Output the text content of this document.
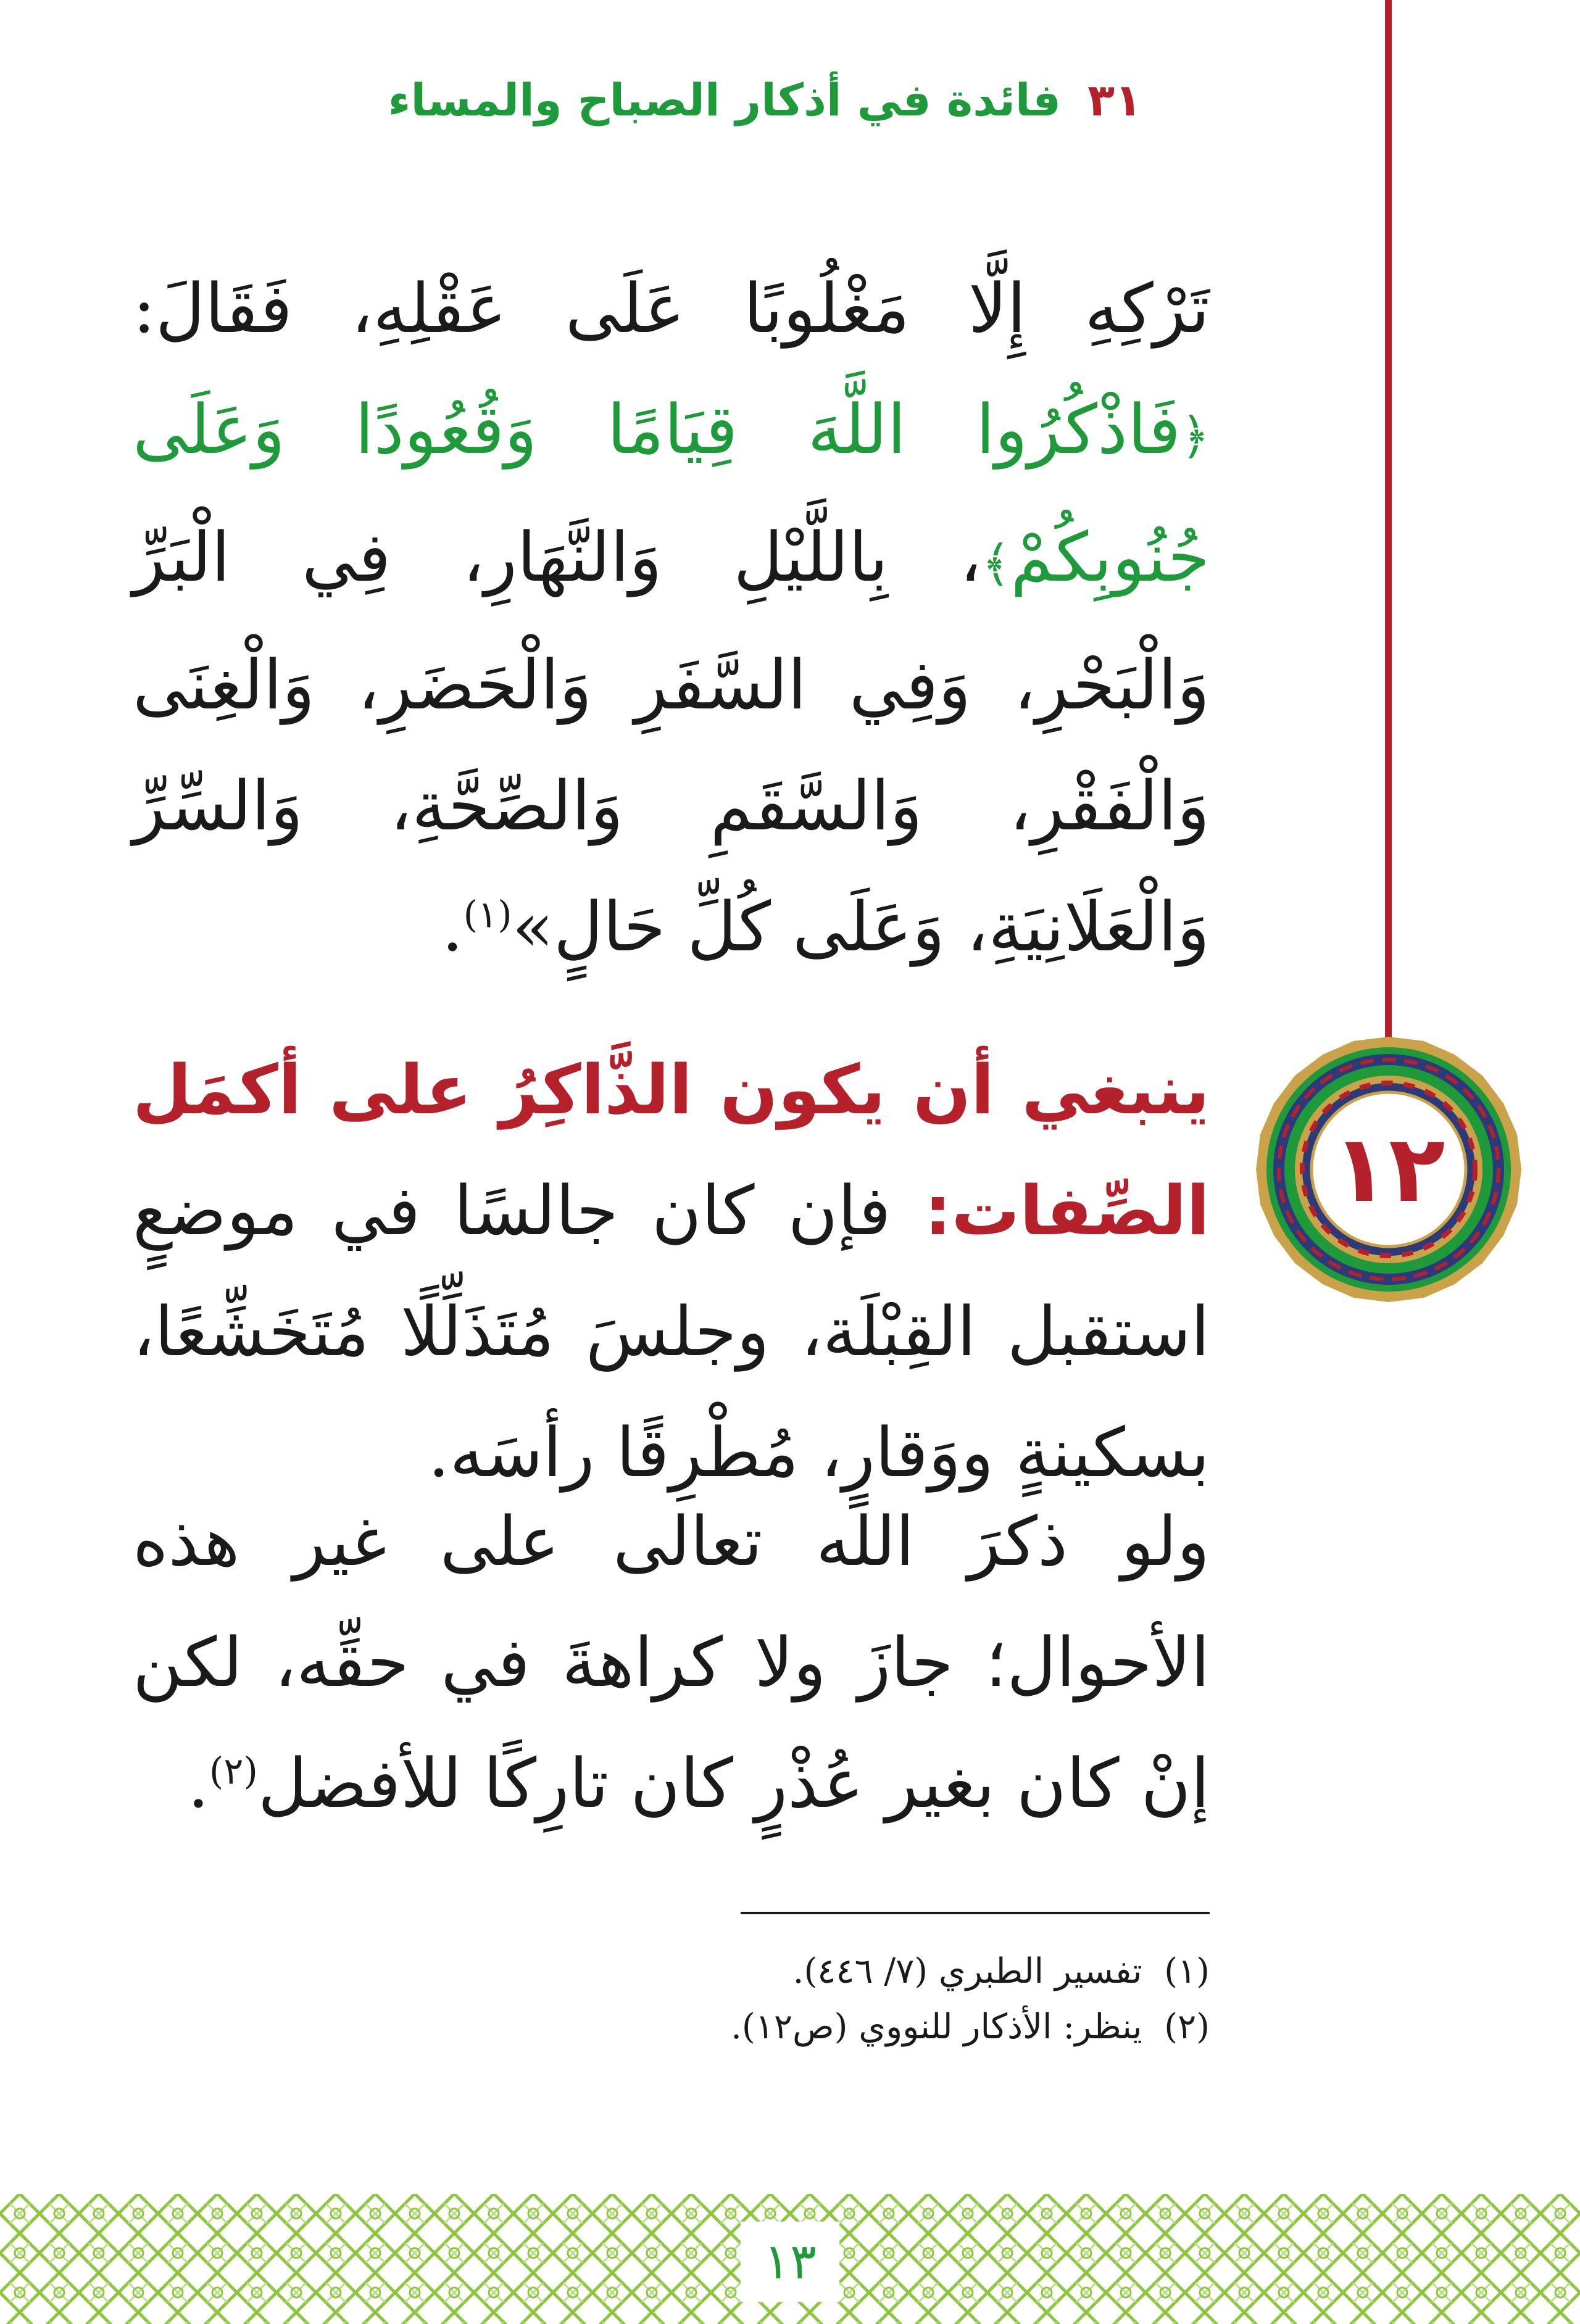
٣١ فائدة في أذكار الصباح والمساء
تَرْكِهِ إِلَّا مَغْلُوبًا عَلَى عَقْلِهِ، فَقَالَ: ﴿فَاذْكُرُوا اللَّهَ قِيَامًا وَقُعُودًا وَعَلَى جُنُوبِكُمْ﴾، بِاللَّيْلِ وَالنَّهَارِ، فِي الْبَرِّ وَالْبَحْرِ، وَفِي السَّفَرِ وَالْحَضَرِ، وَالْغِنَى وَالْفَقْرِ، وَالسَّقَمِ وَالصِّحَّةِ، وَالسِّرِّ وَالْعَلَانِيَةِ، وَعَلَى كُلِّ حَالٍ»$^{(١)}$.
١٢
ينبغي أن يكون الذَّاكِرُ على أكمَل الصِّفات: فإن كان جالسًا في موضعٍ استقبل القِبْلَة، وجلسَ مُتَذَلِّلًا مُتَخَشِّعًا، بسكينةٍ ووَقارٍ، مُطْرِقًا رأسَه.
ولو ذكرَ الله تعالى على غير هذه الأحوال؛ جازَ ولا كراهةَ في حقِّه، لكن إنْ كان بغير عُذْرٍ كان تارِكًا للأفضل$^{(٢)}$.
(١)  تفسير الطبري (٧/ ٤٤٦).
(٢)  ينظر: الأذكار للنووي (ص١٢).
١٣
